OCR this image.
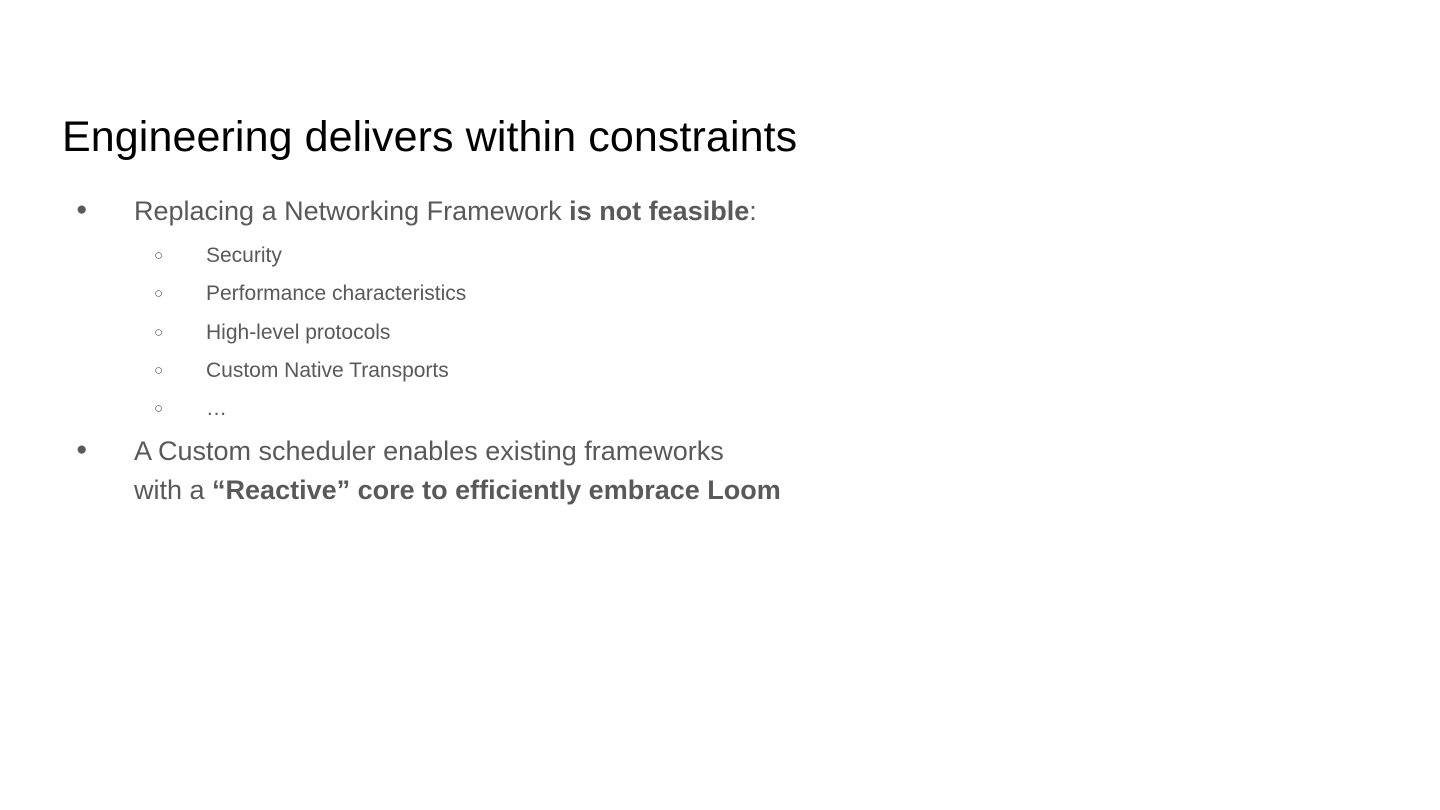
Engineering delivers within constraints
●	Replacing a Networking Framework is not feasible:
○	Security
○	Performance characteristics
○	High-level protocols
○	Custom Native Transports
○	…
●	A Custom scheduler enables existing frameworks
with a “Reactive” core to efficiently embrace Loom
